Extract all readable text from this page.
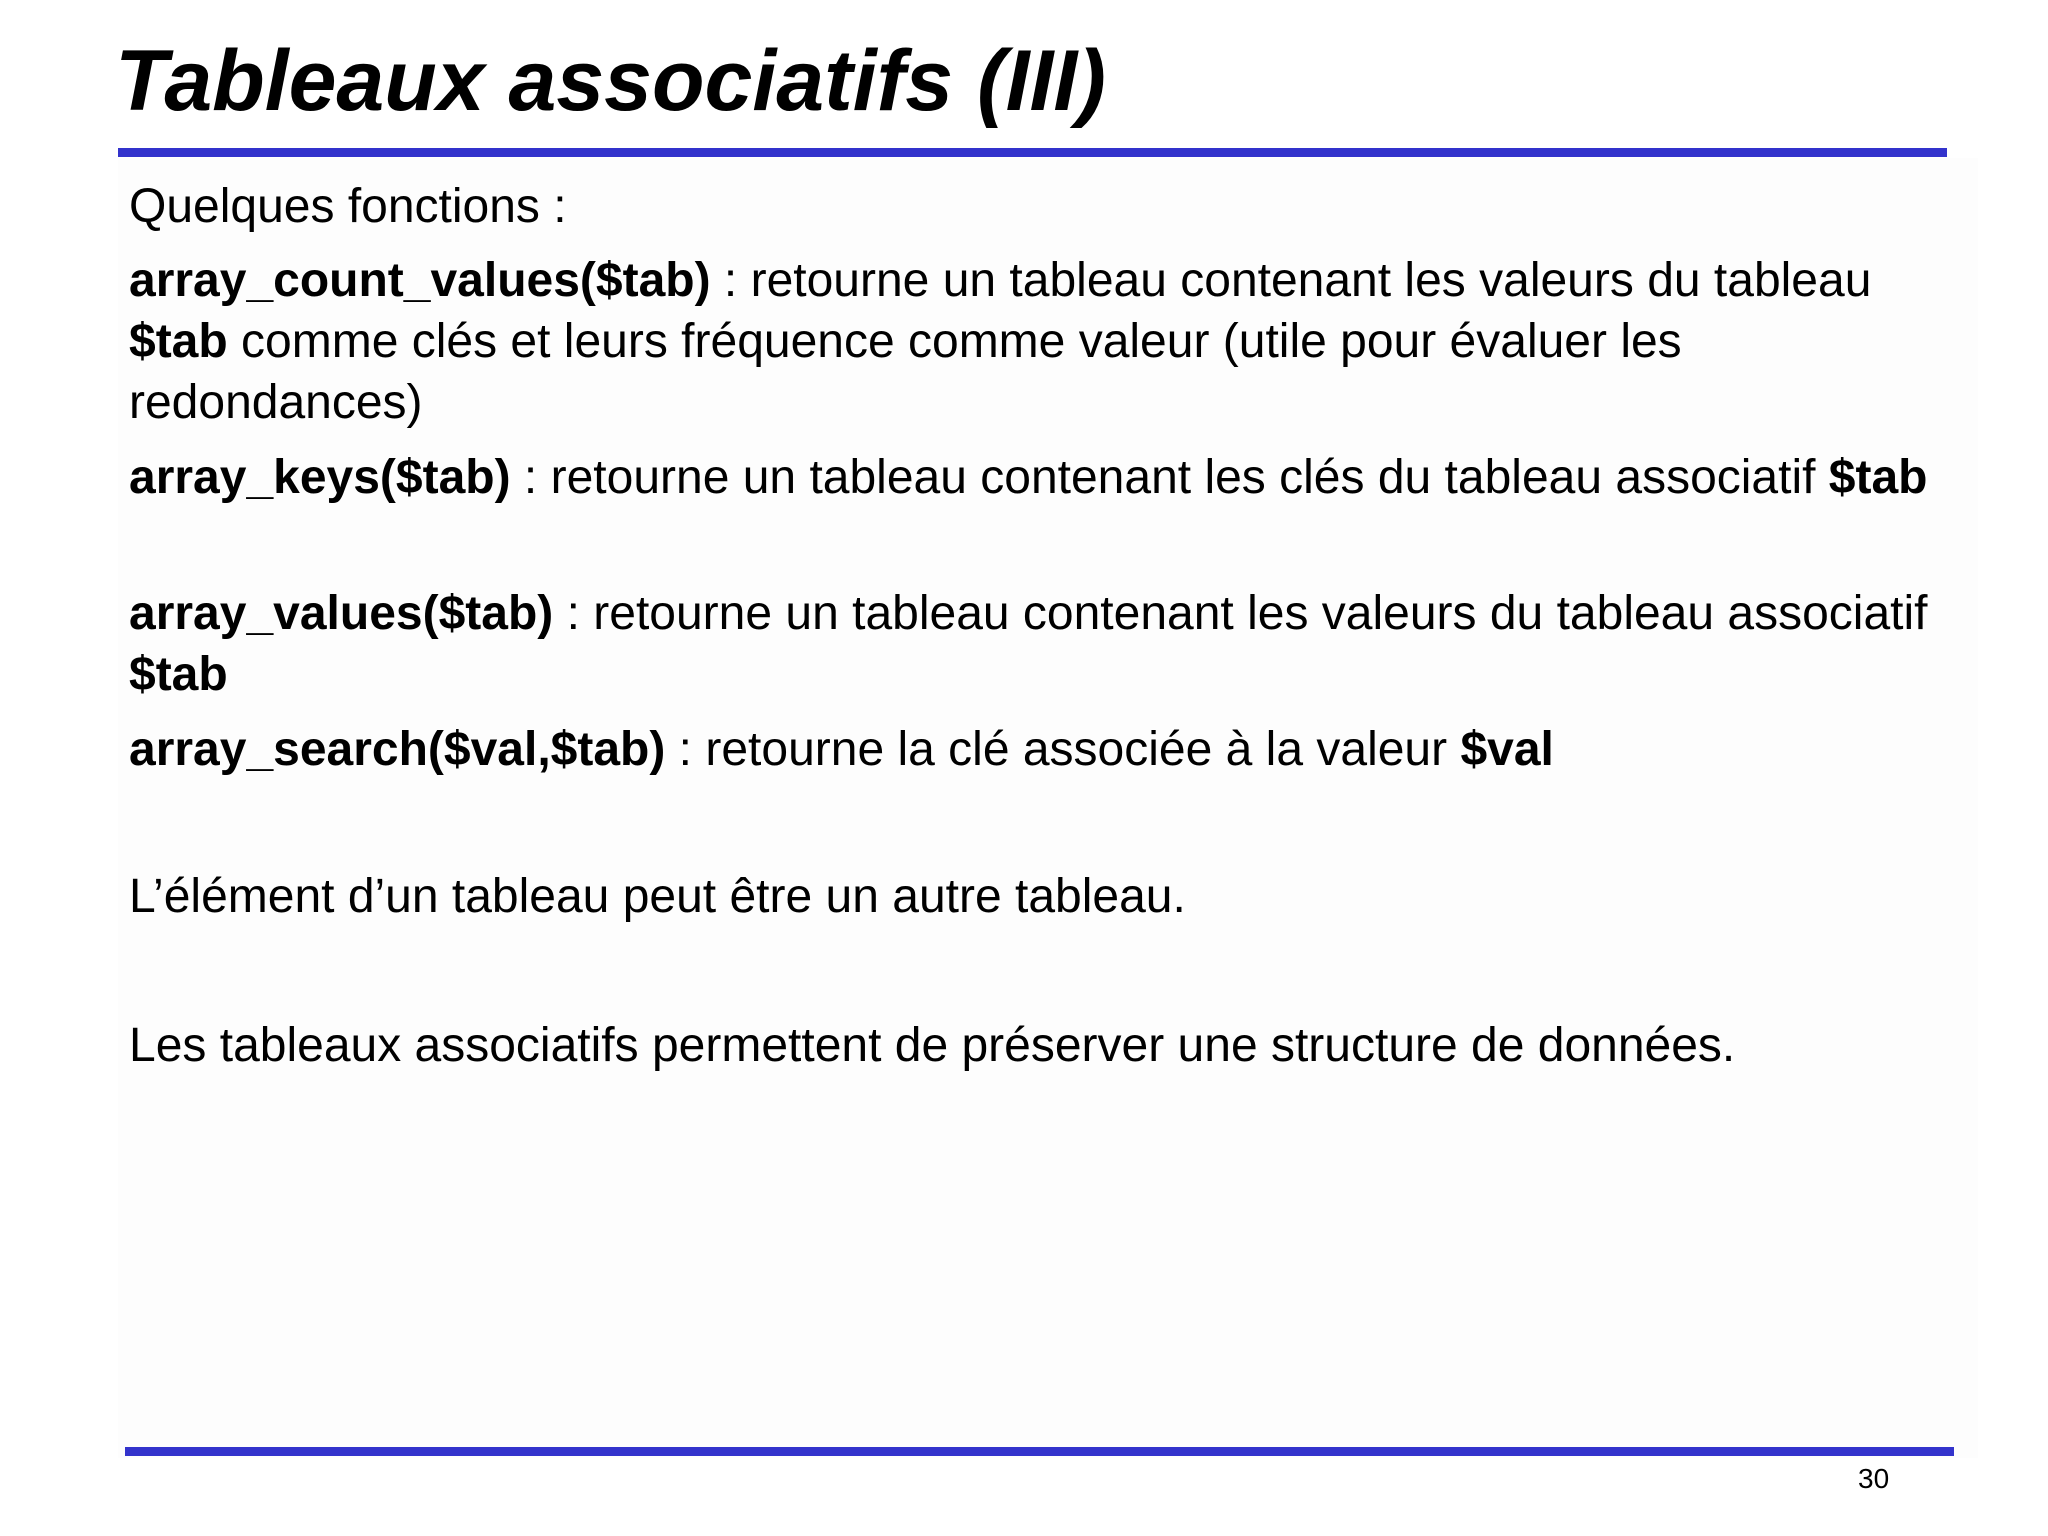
Tableaux associatifs (III)

Quelques fonctions :

array_count_values($tab) : retourne un tableau contenant les valeurs du tableau $tab comme clés et leurs fréquence comme valeur (utile pour évaluer les redondances)

array_keys($tab) : retourne un tableau contenant les clés du tableau associatif $tab

array_values($tab) : retourne un tableau contenant les valeurs du tableau associatif $tab

array_search($val,$tab) : retourne la clé associée à la valeur $val

L’élément d’un tableau peut être un autre tableau.

Les tableaux associatifs permettent de préserver une structure de données.

30
